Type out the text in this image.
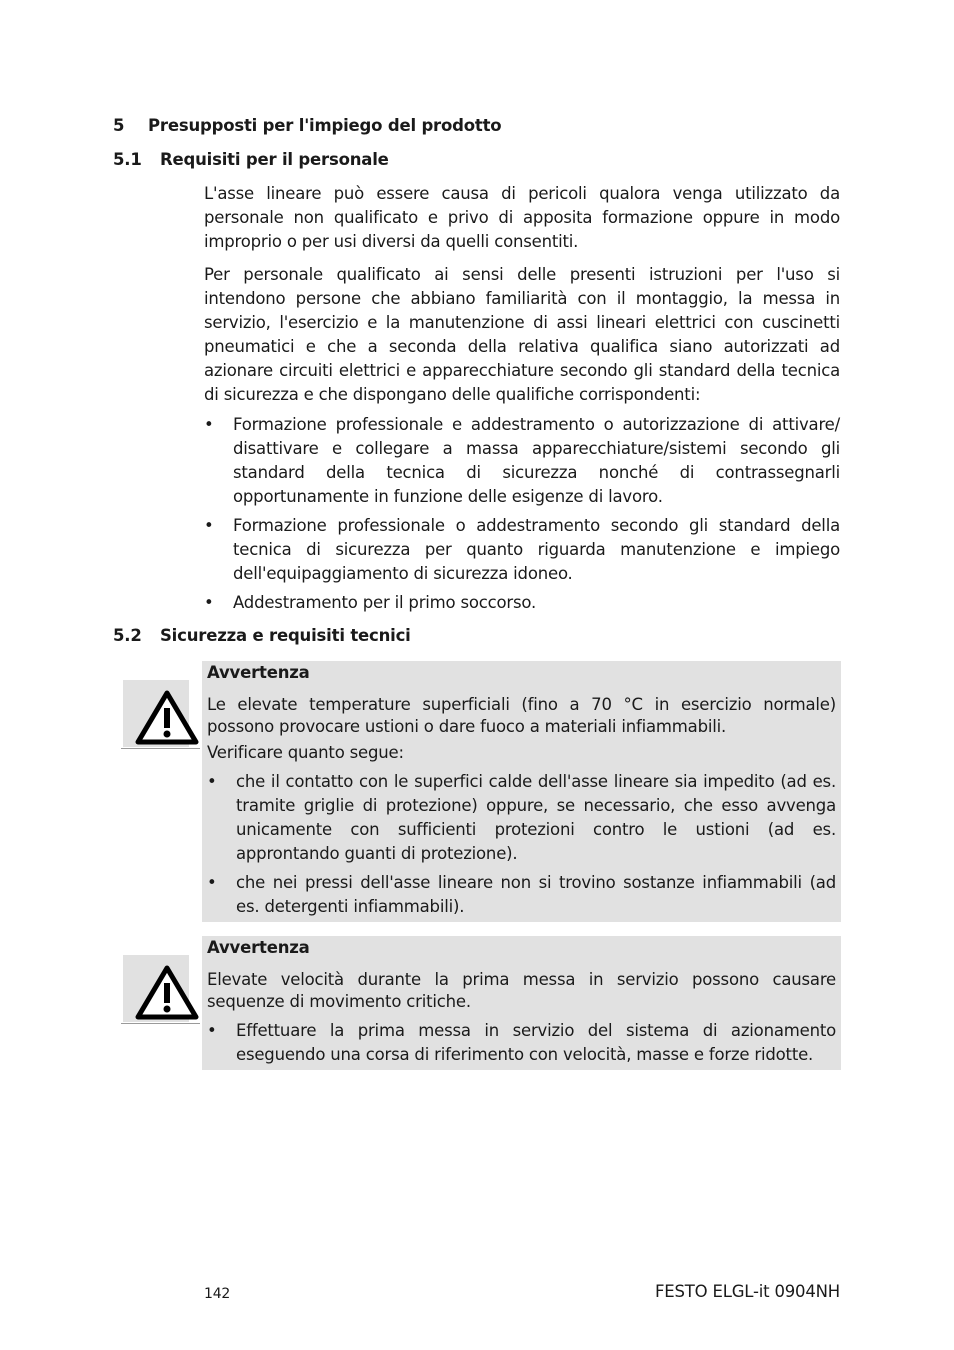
5 Presupposti per l'impiego del prodotto
5.1 Requisiti per il personale

L'asse lineare può essere causa di pericoli qualora venga utilizzato da personale non qualificato e privo di apposita formazione oppure in modo improprio o per usi diversi da quelli consentiti.

Per personale qualificato ai sensi delle presenti istruzioni per l'uso si intendono persone che abbiano familiarità con il montaggio, la messa in servizio, l'esercizio e la manutenzione di assi lineari elettrici con cuscinetti pneumatici e che a seconda della relativa qualifica siano autorizzati ad azionare circuiti elettrici e apparecchiature secondo gli standard della tecnica di sicurezza e che dispongano delle qualifiche corrispondenti:

• Formazione professionale e addestramento o autorizzazione di attivare/ disattivare e collegare a massa apparecchiature/sistemi secondo gli standard della tecnica di sicurezza nonché di contrassegnarli opportunamente in funzione delle esigenze di lavoro.
• Formazione professionale o addestramento secondo gli standard della tecnica di sicurezza per quanto riguarda manutenzione e impiego dell'equipaggiamento di sicurezza idoneo.
• Addestramento per il primo soccorso.
5.2 Sicurezza e requisiti tecnici

Avvertenza

Le elevate temperature superficiali (fino a 70 °C in esercizio normale) possono provocare ustioni o dare fuoco a materiali infiammabili.

Verificare quanto segue:

• che il contatto con le superfici calde dell'asse lineare sia impedito (ad es. tramite griglie di protezione) oppure, se necessario, che esso avvenga unicamente con sufficienti protezioni contro le ustioni (ad es. approntando guanti di protezione).
• che nei pressi dell'asse lineare non si trovino sostanze infiammabili (ad es. detergenti infiammabili).

Avvertenza

Elevate velocità durante la prima messa in servizio possono causare sequenze di movimento critiche.

• Effettuare la prima messa in servizio del sistema di azionamento eseguendo una corsa di riferimento con velocità, masse e forze ridotte.
142	FESTO ELGL-it 0904NH
